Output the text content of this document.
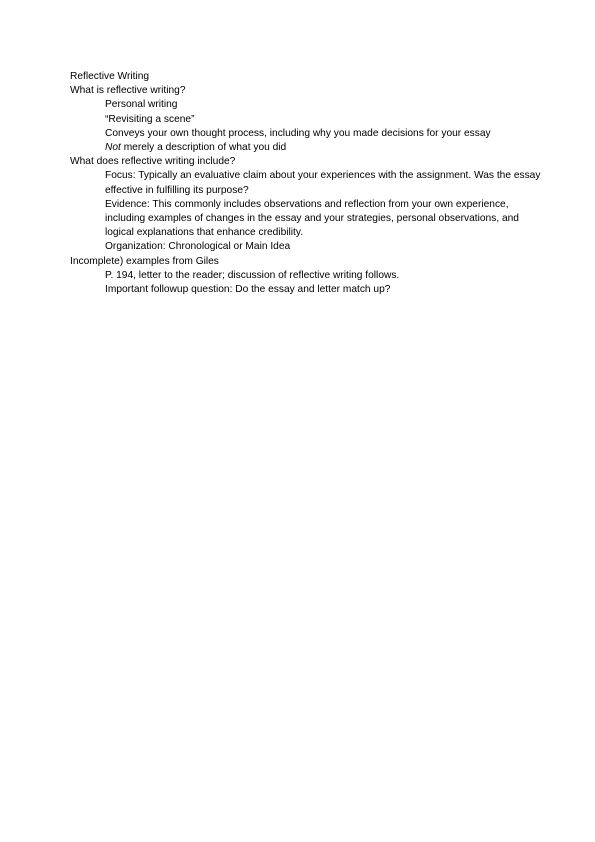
Reflective Writing
What is reflective writing?
Personal writing
“Revisiting a scene”
Conveys your own thought process, including why you made decisions for your essay
Not merely a description of what you did
What does reflective writing include?
Focus: Typically an evaluative claim about your experiences with the assignment. Was the essay effective in fulfilling its purpose?
Evidence: This commonly includes observations and reflection from your own experience, including examples of changes in the essay and your strategies, personal observations, and logical explanations that enhance credibility.
Organization: Chronological or Main Idea
Incomplete) examples from Giles
P. 194, letter to the reader; discussion of reflective writing follows.
Important followup question: Do the essay and letter match up?
